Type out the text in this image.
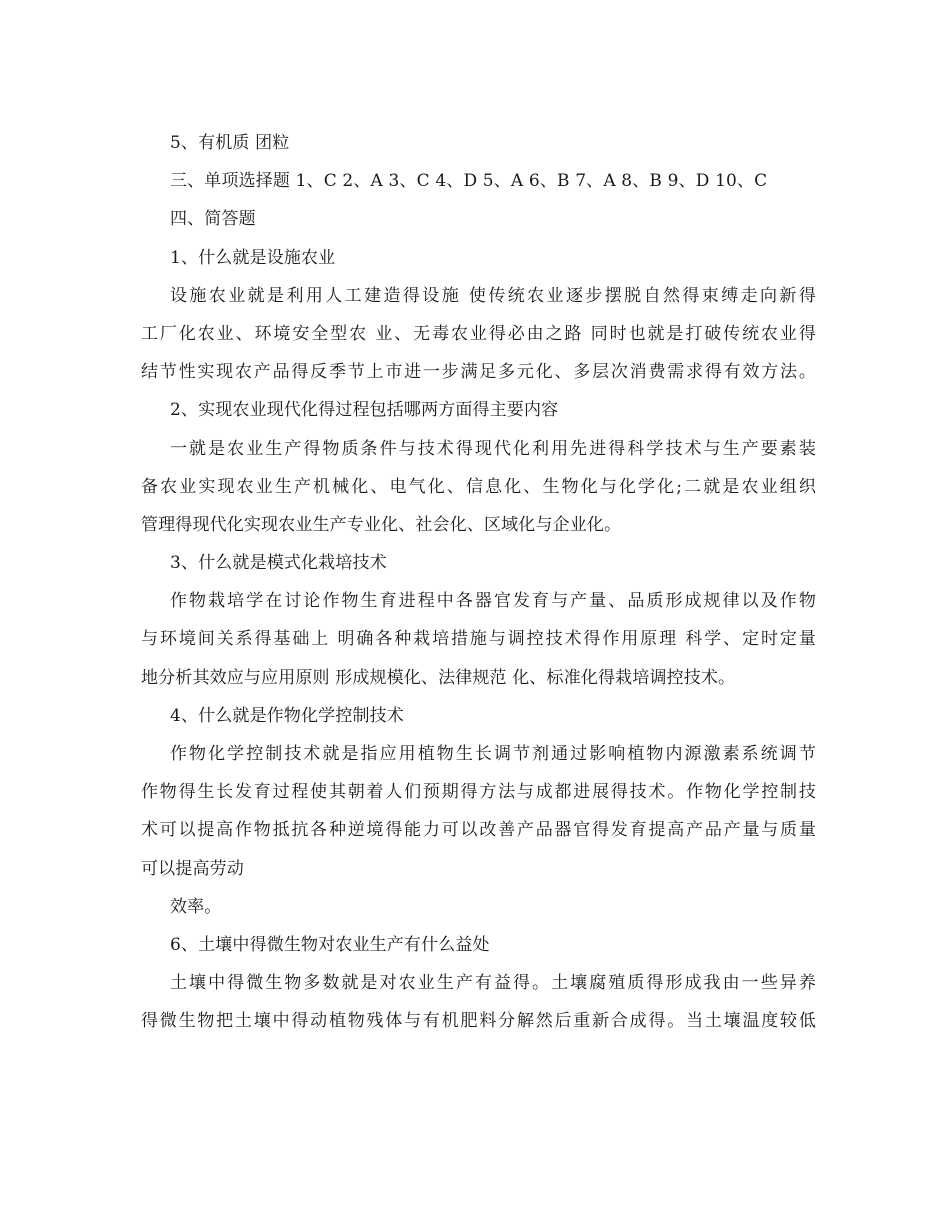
5、有机质 团粒
三、单项选择题 1、C 2、A 3、C 4、D 5、A 6、B 7、A 8、B 9、D 10、C
四、简答题
1、什么就是设施农业
设施农业就是利用人工建造得设施 使传统农业逐步摆脱自然得束缚走向新得
工厂化农业、环境安全型农 业、无毒农业得必由之路 同时也就是打破传统农业得
结节性实现农产品得反季节上市进一步满足多元化、多层次消费需求得有效方法。
2、实现农业现代化得过程包括哪两方面得主要内容
一就是农业生产得物质条件与技术得现代化利用先进得科学技术与生产要素装
备农业实现农业生产机械化、电气化、信息化、生物化与化学化;二就是农业组织
管理得现代化实现农业生产专业化、社会化、区域化与企业化。
3、什么就是模式化栽培技术
作物栽培学在讨论作物生育进程中各器官发育与产量、品质形成规律以及作物
与环境间关系得基础上 明确各种栽培措施与调控技术得作用原理 科学、定时定量
地分析其效应与应用原则 形成规模化、法律规范 化、标准化得栽培调控技术。
4、什么就是作物化学控制技术
作物化学控制技术就是指应用植物生长调节剂通过影响植物内源激素系统调节
作物得生长发育过程使其朝着人们预期得方法与成都进展得技术。作物化学控制技
术可以提高作物抵抗各种逆境得能力可以改善产品器官得发育提高产品产量与质量
可以提高劳动
效率。
6、土壤中得微生物对农业生产有什么益处
土壤中得微生物多数就是对农业生产有益得。土壤腐殖质得形成我由一些异养
得微生物把土壤中得动植物残体与有机肥料分解然后重新合成得。当土壤温度较低
